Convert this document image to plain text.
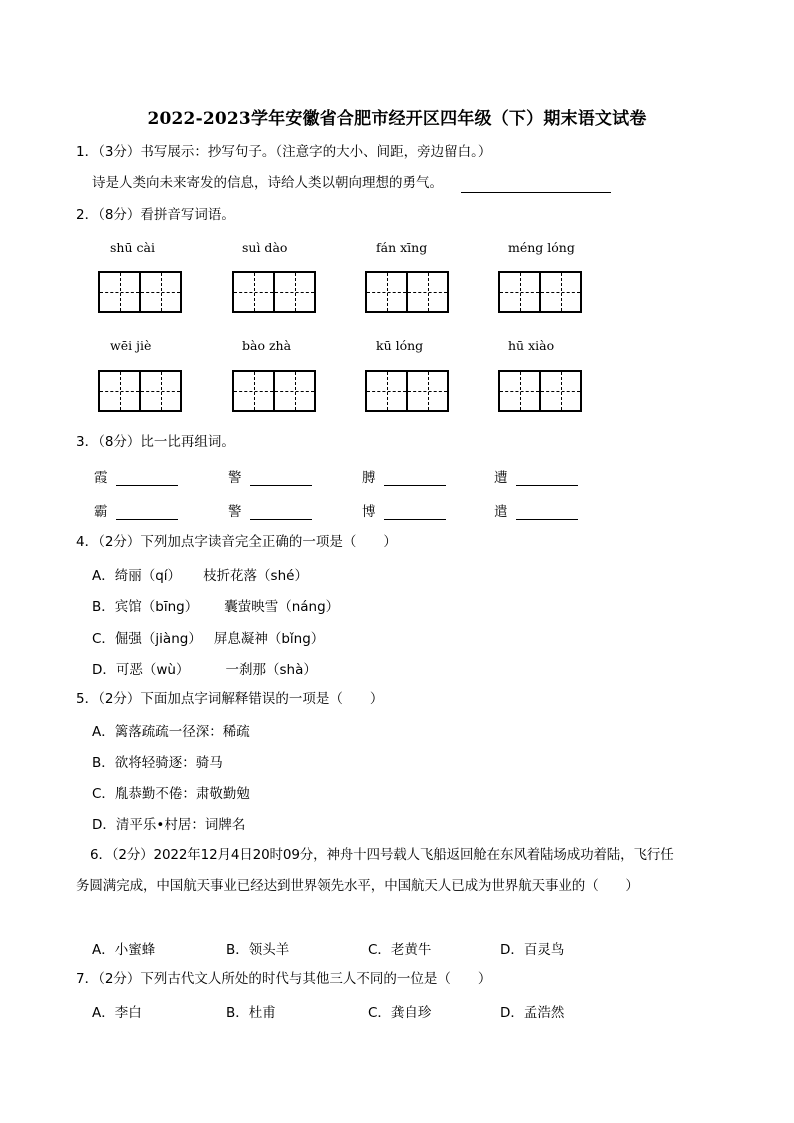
2022-2023学年安徽省合肥市经开区四年级（下）期末语文试卷
1．（3分）书写展示：抄写句子。（注意字的大小、间距，旁边留白。）
诗是人类向未来寄发的信息，诗给人类以朝向理想的勇气。
2．（8分）看拼音写词语。
shū cài	suì dào	fán xīng	méng lóng
wēi jiè	bào zhà	kū lóng	hū xiào
3．（8分）比一比再组词。
霞	警	膊	遭
霸	警	博	遣
4．（2分）下列加点字读音完全正确的一项是（　　）
A．绮丽（qí） 枝折花落（shé）
B．宾馆（bīng） 囊萤映雪（náng）
C．倔强（jiàng） 屏息凝神（bǐng）
D．可恶（wù）	一刹那（shà）
5．（2分）下面加点字词解释错误的一项是（　　）
A．篱落疏疏一径深：稀疏
B．欲将轻骑逐：骑马
C．胤恭勤不倦：肃敬勤勉
D．清平乐•村居：词牌名
6．（2分）2022年12月4日20时09分，神舟十四号载人飞船返回舱在东风着陆场成功着陆，飞行任
务圆满完成，中国航天事业已经达到世界领先水平，中国航天人已成为世界航天事业的（　　）
A．小蜜蜂	B．领头羊	C．老黄牛	D．百灵鸟
7．（2分）下列古代文人所处的时代与其他三人不同的一位是（　　）
A．李白	B．杜甫	C．龚自珍	D．孟浩然
